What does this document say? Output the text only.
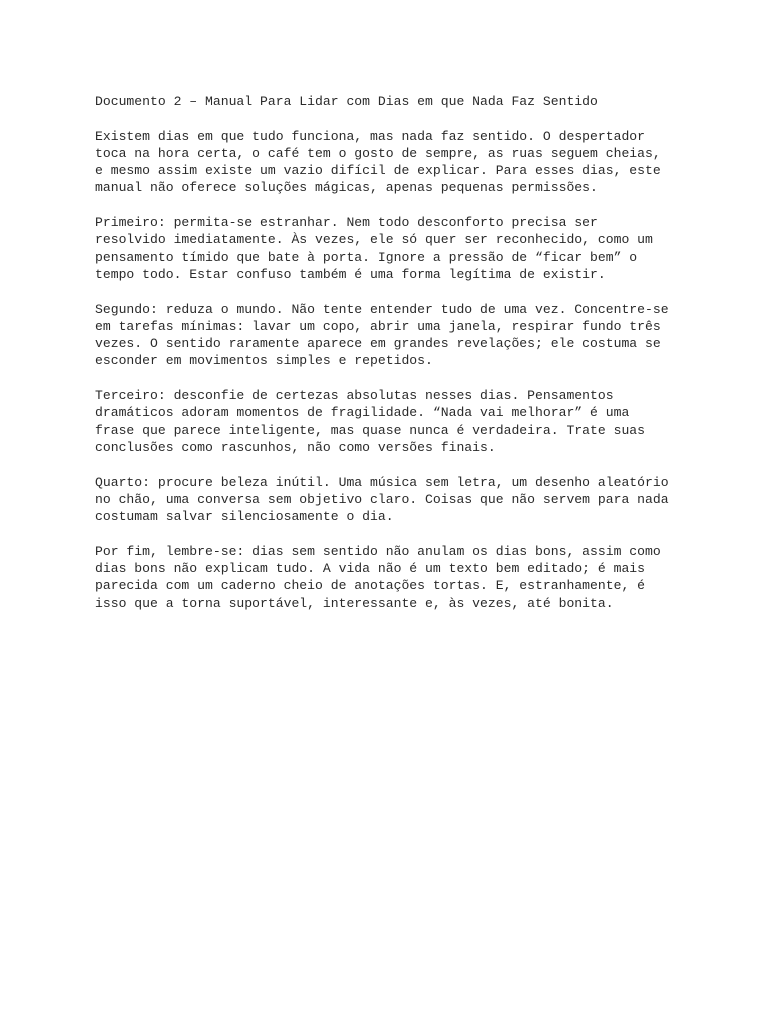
Documento 2 – Manual Para Lidar com Dias em que Nada Faz Sentido
Existem dias em que tudo funciona, mas nada faz sentido. O despertador
toca na hora certa, o café tem o gosto de sempre, as ruas seguem cheias,
e mesmo assim existe um vazio difícil de explicar. Para esses dias, este
manual não oferece soluções mágicas, apenas pequenas permissões.
Primeiro: permita-se estranhar. Nem todo desconforto precisa ser
resolvido imediatamente. Às vezes, ele só quer ser reconhecido, como um
pensamento tímido que bate à porta. Ignore a pressão de “ficar bem” o
tempo todo. Estar confuso também é uma forma legítima de existir.
Segundo: reduza o mundo. Não tente entender tudo de uma vez. Concentre-se
em tarefas mínimas: lavar um copo, abrir uma janela, respirar fundo três
vezes. O sentido raramente aparece em grandes revelações; ele costuma se
esconder em movimentos simples e repetidos.
Terceiro: desconfie de certezas absolutas nesses dias. Pensamentos
dramáticos adoram momentos de fragilidade. “Nada vai melhorar” é uma
frase que parece inteligente, mas quase nunca é verdadeira. Trate suas
conclusões como rascunhos, não como versões finais.
Quarto: procure beleza inútil. Uma música sem letra, um desenho aleatório
no chão, uma conversa sem objetivo claro. Coisas que não servem para nada
costumam salvar silenciosamente o dia.
Por fim, lembre-se: dias sem sentido não anulam os dias bons, assim como
dias bons não explicam tudo. A vida não é um texto bem editado; é mais
parecida com um caderno cheio de anotações tortas. E, estranhamente, é
isso que a torna suportável, interessante e, às vezes, até bonita.
